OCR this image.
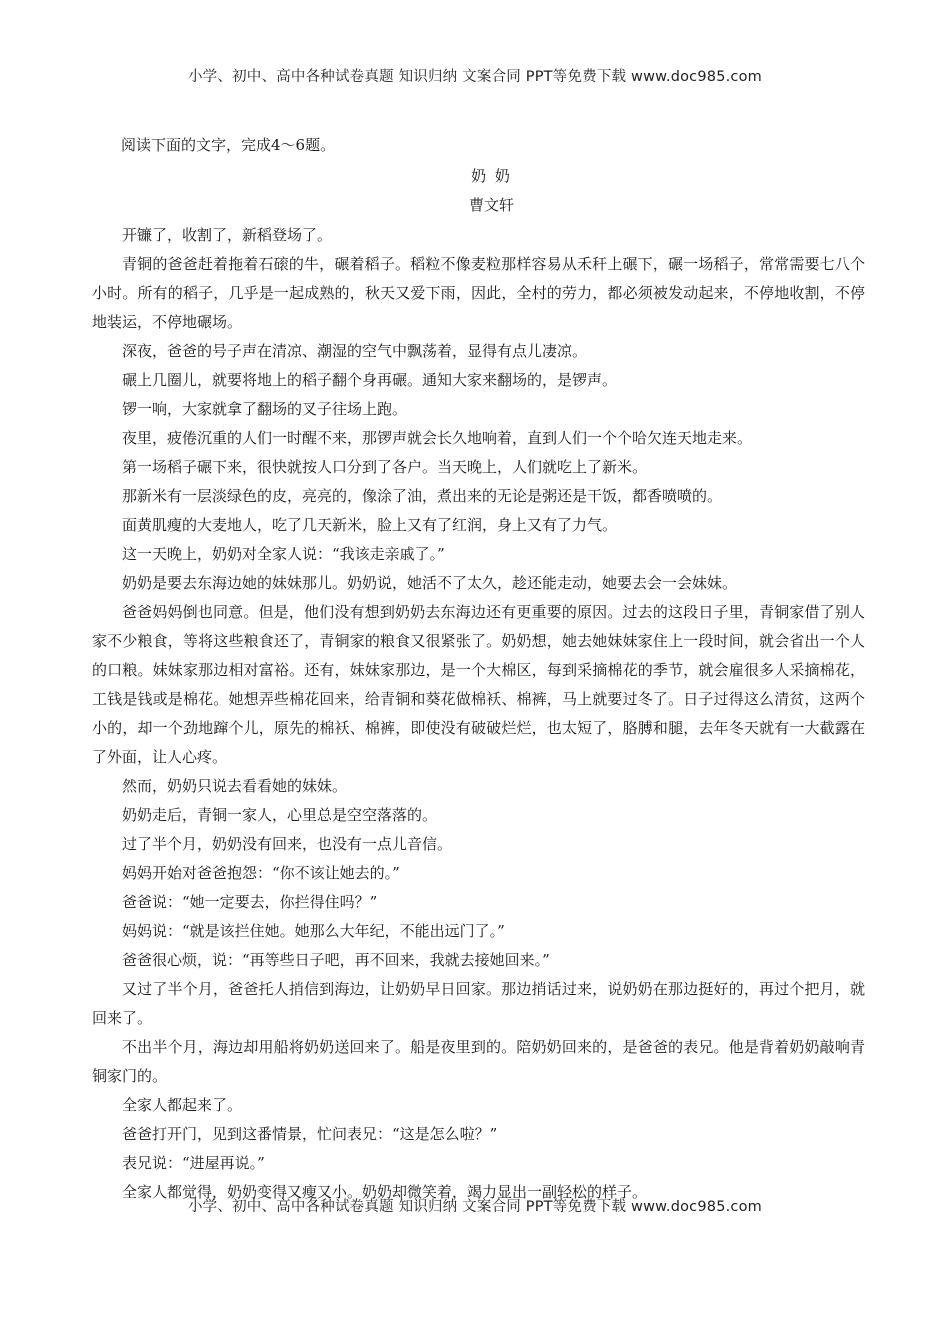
小学、初中、高中各种试卷真题 知识归纳 文案合同 PPT等免费下载 www.doc985.com
阅读下面的文字，完成4～6题。
奶 奶
曹文轩

开镰了，收割了，新稻登场了。

青铜的爸爸赶着拖着石磙的牛，碾着稻子。稻粒不像麦粒那样容易从禾秆上碾下，碾一场稻子，常常需要七八个小时。所有的稻子，几乎是一起成熟的，秋天又爱下雨，因此，全村的劳力，都必须被发动起来，不停地收割，不停地装运，不停地碾场。

深夜，爸爸的号子声在清凉、潮湿的空气中飘荡着，显得有点儿凄凉。

碾上几圈儿，就要将地上的稻子翻个身再碾。通知大家来翻场的，是锣声。

锣一响，大家就拿了翻场的叉子往场上跑。

夜里，疲倦沉重的人们一时醒不来，那锣声就会长久地响着，直到人们一个个哈欠连天地走来。

第一场稻子碾下来，很快就按人口分到了各户。当天晚上，人们就吃上了新米。

那新米有一层淡绿色的皮，亮亮的，像涂了油，煮出来的无论是粥还是干饭，都香喷喷的。

面黄肌瘦的大麦地人，吃了几天新米，脸上又有了红润，身上又有了力气。

这一天晚上，奶奶对全家人说：“我该走亲戚了。”

奶奶是要去东海边她的妹妹那儿。奶奶说，她活不了太久，趁还能走动，她要去会一会妹妹。

爸爸妈妈倒也同意。但是，他们没有想到奶奶去东海边还有更重要的原因。过去的这段日子里，青铜家借了别人家不少粮食，等将这些粮食还了，青铜家的粮食又很紧张了。奶奶想，她去她妹妹家住上一段时间，就会省出一个人的口粮。妹妹家那边相对富裕。还有，妹妹家那边，是一个大棉区，每到采摘棉花的季节，就会雇很多人采摘棉花，工钱是钱或是棉花。她想弄些棉花回来，给青铜和葵花做棉袄、棉裤，马上就要过冬了。日子过得这么清贫，这两个小的，却一个劲地蹿个儿，原先的棉袄、棉裤，即使没有破破烂烂，也太短了，胳膊和腿，去年冬天就有一大截露在了外面，让人心疼。

然而，奶奶只说去看看她的妹妹。

奶奶走后，青铜一家人，心里总是空空落落的。

过了半个月，奶奶没有回来，也没有一点儿音信。

妈妈开始对爸爸抱怨：“你不该让她去的。”

爸爸说：“她一定要去，你拦得住吗？”

妈妈说：“就是该拦住她。她那么大年纪，不能出远门了。”

爸爸很心烦，说：“再等些日子吧，再不回来，我就去接她回来。”

又过了半个月，爸爸托人捎信到海边，让奶奶早日回家。那边捎话过来，说奶奶在那边挺好的，再过个把月，就回来了。

不出半个月，海边却用船将奶奶送回来了。船是夜里到的。陪奶奶回来的，是爸爸的表兄。他是背着奶奶敲响青铜家门的。

全家人都起来了。

爸爸打开门，见到这番情景，忙问表兄：“这是怎么啦？”

表兄说：“进屋再说。”

全家人都觉得，奶奶变得又瘦又小。奶奶却微笑着，竭力显出一副轻松的样子。

小学、初中、高中各种试卷真题 知识归纳 文案合同 PPT等免费下载 www.doc985.com
